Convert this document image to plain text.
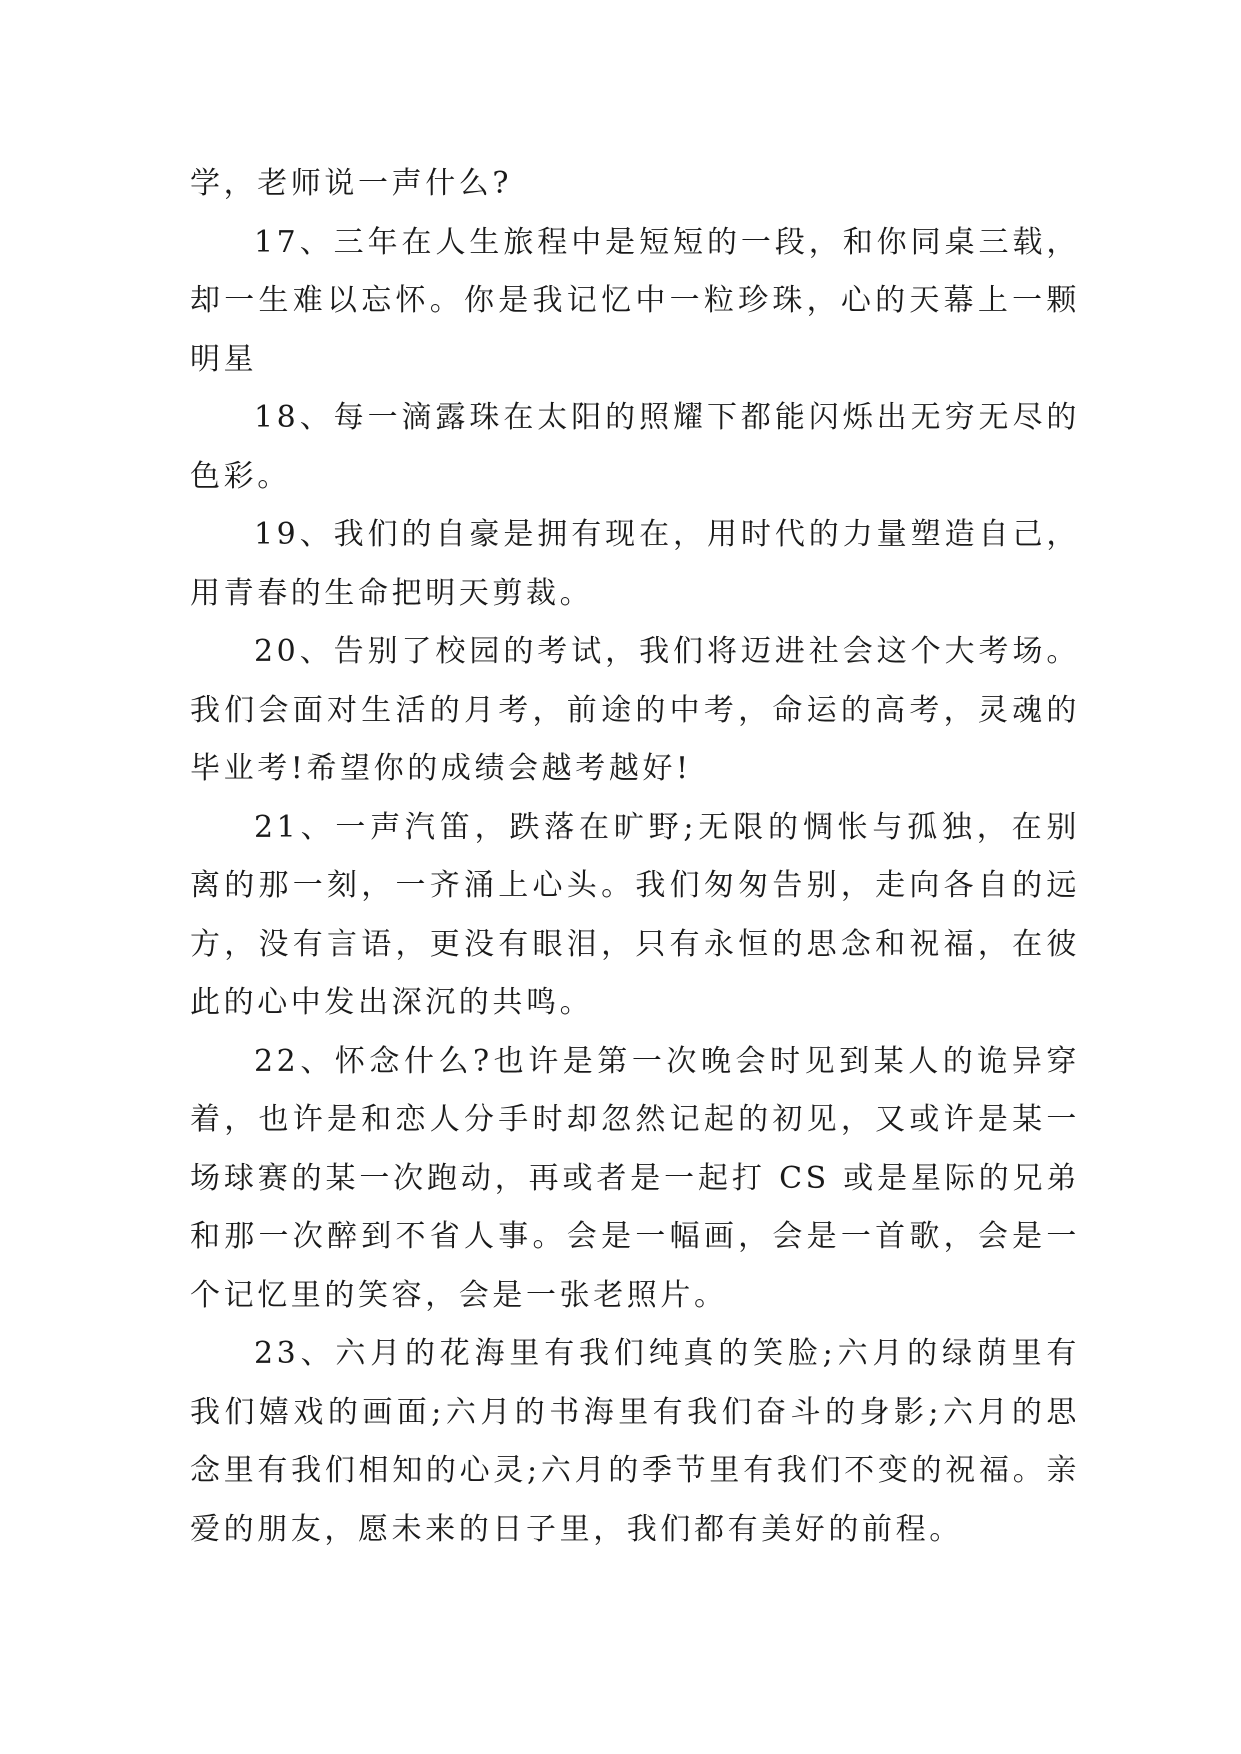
学，老师说一声什么?

17、三年在人生旅程中是短短的一段，和你同桌三载，却一生难以忘怀。你是我记忆中一粒珍珠，心的天幕上一颗明星

18、每一滴露珠在太阳的照耀下都能闪烁出无穷无尽的色彩。

19、我们的自豪是拥有现在，用时代的力量塑造自己，用青春的生命把明天剪裁。

20、告别了校园的考试，我们将迈进社会这个大考场。我们会面对生活的月考，前途的中考，命运的高考，灵魂的毕业考!希望你的成绩会越考越好!

21、一声汽笛，跌落在旷野;无限的惆怅与孤独，在别离的那一刻，一齐涌上心头。我们匆匆告别，走向各自的远方，没有言语，更没有眼泪，只有永恒的思念和祝福，在彼此的心中发出深沉的共鸣。

22、怀念什么?也许是第一次晚会时见到某人的诡异穿着，也许是和恋人分手时却忽然记起的初见，又或许是某一场球赛的某一次跑动，再或者是一起打 CS 或是星际的兄弟和那一次醉到不省人事。会是一幅画，会是一首歌，会是一个记忆里的笑容，会是一张老照片。

23、六月的花海里有我们纯真的笑脸;六月的绿荫里有我们嬉戏的画面;六月的书海里有我们奋斗的身影;六月的思念里有我们相知的心灵;六月的季节里有我们不变的祝福。亲爱的朋友，愿未来的日子里，我们都有美好的前程。
